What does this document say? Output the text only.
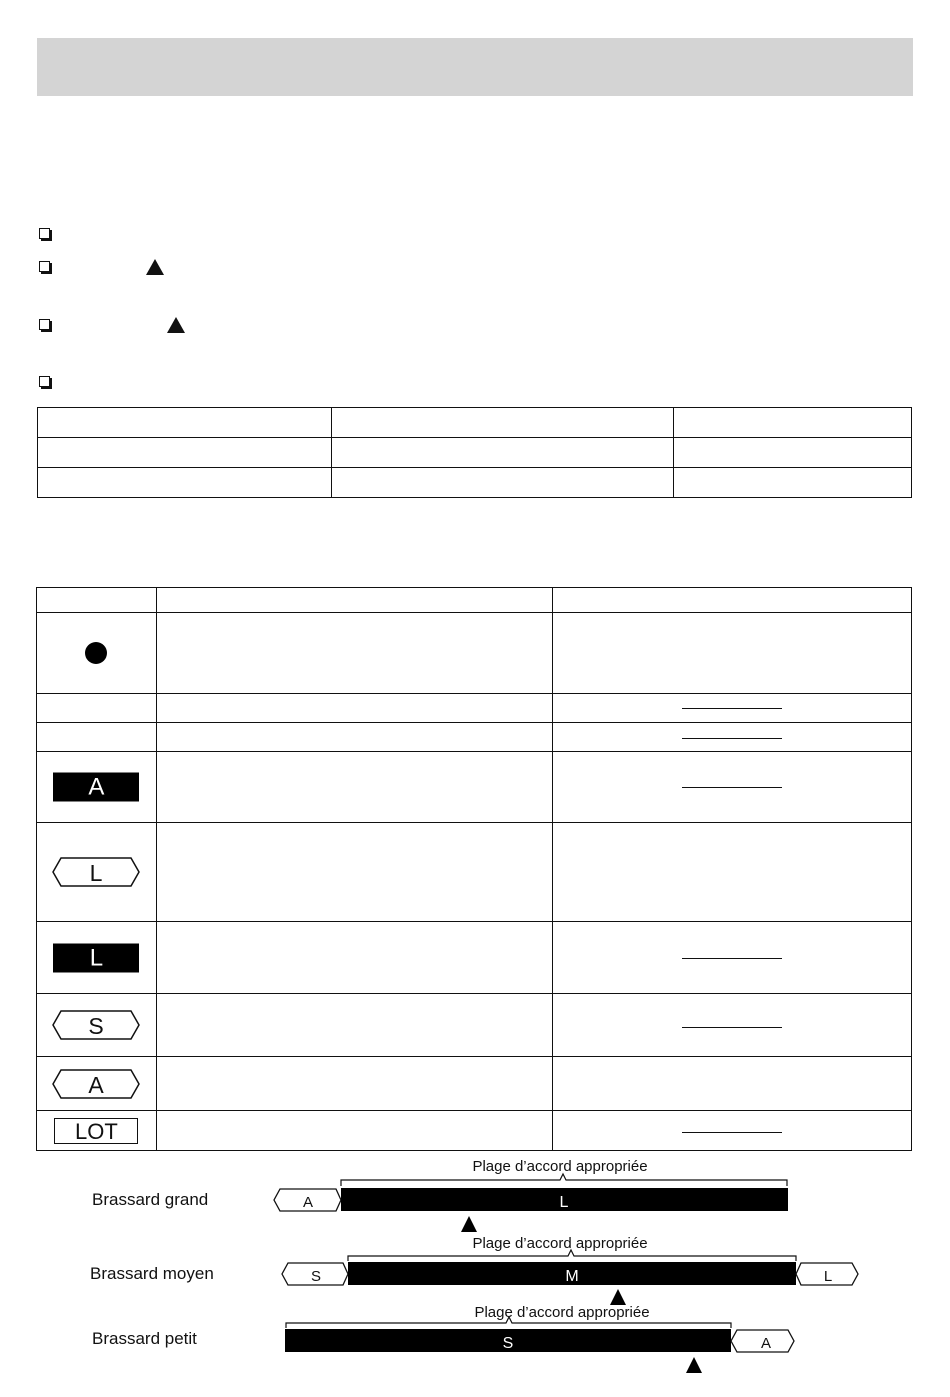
A		

L		

L		

S		

A		

LOT		

Brassard grand
Plage d’accord appropriée
A	L
Brassard moyen
Plage d’accord appropriée
S	M	L
Brassard petit
Plage d’accord appropriée
S	A
